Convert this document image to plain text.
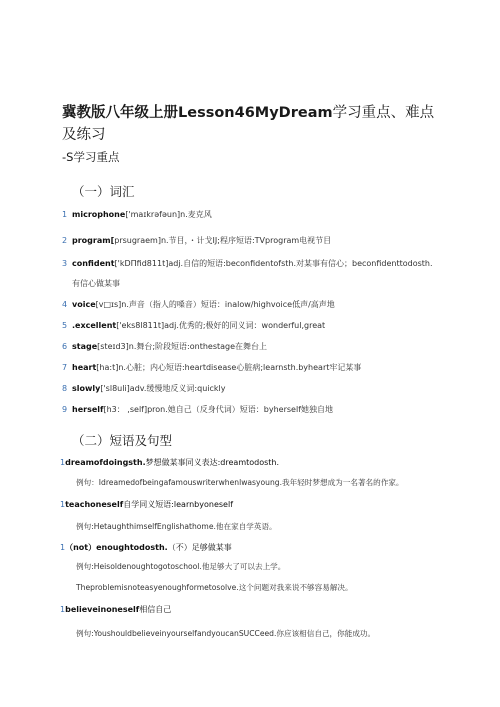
冀教版八年级上册Lesson46MyDream学习重点、难点及练习
-S学习重点
（一）词汇
1 microphone['maɪkrəfəun]n.麦克风
2 program[prsugraem]n.节目，・计戈IJ;程序短语:TVprogram电视节目
3 confident['kDΠfid811t]adj.自信的短语:beconfidentofsth.对某事有信心；beconfidenttodosth.
有信心做某事
4 voice[v□ɪs]n.声音（指人的嗓音）短语：inalow/highvoice低声/高声地
5 .excellent['eks8l811t]adj.优秀的;极好的同义词：wonderful,great
6 stage[steɪd3]n.舞台;阶段短语:onthestage在舞台上
7 heart[ha:t]n.心脏；内心短语:heartdisease心脏病;learnsth.byheart牢记某事
8 slowly['sl8uli]adv.缓慢地反义词:quickly
9 herself[h3： ,self]pron.她自己（反身代词）短语：byherself她独自地
（二）短语及句型
1dreamofdoingsth.梦想做某事同义表达:dreamtodosth.
例句：Idreamedofbeingafamouswriterwhenlwasyoung.我年轻时梦想成为一名著名的作家。
1teachoneself自学同义短语:learnbyoneself
例句:HetaughthimselfEnglishathome.他在家自学英语。
1（not）enoughtodosth.（不）足够做某事
例句:Heisoldenoughtogotoschool.他足够大了可以去上学。
Theproblemisnoteasyenoughformetosolve.这个问题对我来说不够容易解决。
1believeinoneself相信自己
例句:YoushouldbelieveinyourselfandyoucanSUCCeed.你应该相信自己，你能成功。
